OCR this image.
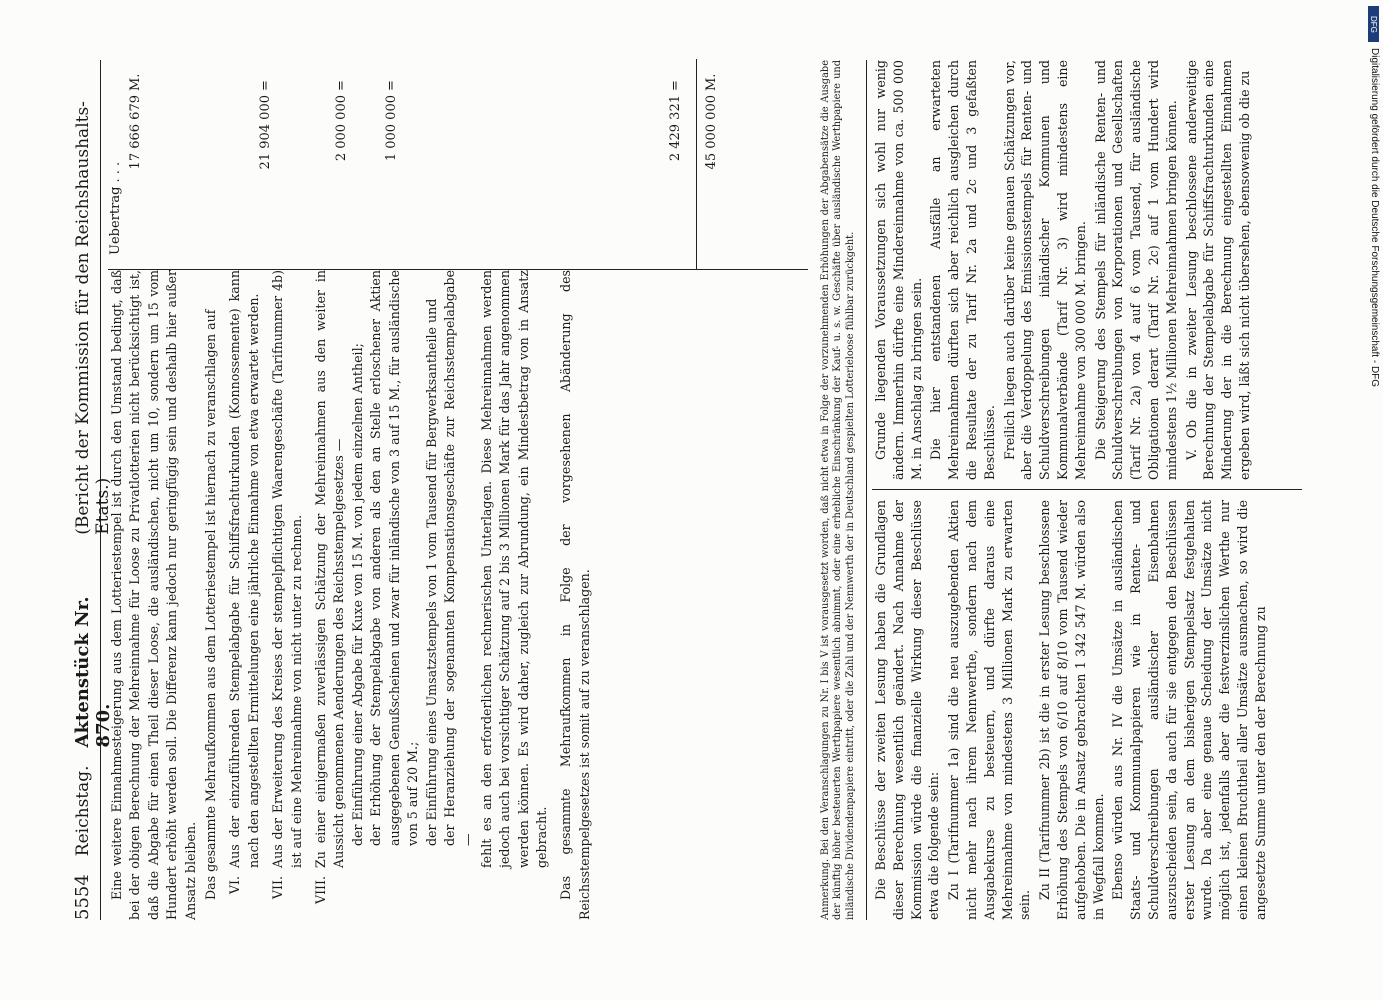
5554
Reichstag.
Aktenstück Nr. 870.
(Bericht der Kommission für den Reichshaushalts-Etats.)

Eine weitere Einnahmesteigerung aus dem Lotteriestempel ist durch den Umstand bedingt, daß bei der obigen Berechnung der Mehreinnahme für Loose zu Privatlotterien nicht berücksichtigt ist, daß die Abgabe für einen Theil dieser Loose, die ausländischen, nicht um 10, sondern um 15 vom Hundert erhöht werden soll. Die Differenz kann jedoch nur geringfügig sein und deshalb hier außer Ansatz bleiben. Das gesammte Mehraufkommen aus dem Lotteriestempel ist hiernach zu veranschlagen auf VI.
Aus der einzuführenden Stempelabgabe für Schiffsfrachturkunden (Konnossemente) kann nach den angestellten Ermittelungen eine jährliche Einnahme von etwa erwartet werden.
VII.
Aus der Erweiterung des Kreises der stempelpflichtigen Waarengeschäfte (Tarifnummer 4b) ist auf eine Mehreinnahme von nicht unter zu rechnen.
VIII.
Zu einer einigermaßen zuverlässigen Schätzung der Mehreinnahmen aus den weiter in Aussicht genommenen Aenderungen des Reichsstempelgesetzes — der Einführung einer Abgabe für Kuxe von 15 M. von jedem einzelnen Antheil; der Erhöhung der Stempelabgabe von anderen als den an Stelle erloschener Aktien ausgegebenen Genußscheinen und zwar für inländische von 3 auf 15 M., für ausländische von 5 auf 20 M.; der Einführung eines Umsatzstempels von 1 vom Tausend für Bergwerksantheile und der Heranziehung der sogenannten Kompensationsgeschäfte zur Reichsstempelabgabe — fehlt es an den erforderlichen rechnerischen Unterlagen. Diese Mehreinnahmen werden jedoch auch bei vorsichtiger Schätzung auf 2 bis 3 Millionen Mark für das Jahr angenommen werden können. Es wird daher, zugleich zur Abrundung, ein Mindestbetrag von in Ansatz gebracht. Das gesammte Mehraufkommen in Folge der vorgesehenen Abänderung des Reichsstempelgesetzes ist somit auf zu veranschlagen.

Uebertrag . . .
17 666 679M.
21 904 000=
2 000 000=
1 000 000=
2 429 321=
45 000 000M.	Anmerkung. Bei den Veranschlagungen zu Nr. I bis V ist vorausgesetzt worden, daß nicht etwa in Folge der vorzunehmenden Erhöhungen der Abgabensätze die Ausgabe der künftig höher besteuerten Werthpapiere wesentlich abnimmt, oder eine erhebliche Einschränkung der Kauf- u. s. w. Geschäfte über ausländische Werthpapiere und inländische Dividendenpapiere eintritt, oder die Zahl und der Nennwerth der in Deutschland gespielten Lotterieloose fühlbar zurückgeht. Die Beschlüsse der zweiten Lesung haben die Grundlagen dieser Berechnung wesentlich geändert. Nach Annahme der Kommission würde die finanzielle Wirkung dieser Beschlüsse etwa die folgende sein: Zu I (Tarifnummer 1a) sind die neu auszugebenden Aktien nicht mehr nach ihrem Nennwerthe, sondern nach dem Ausgabekurse zu besteuern, und dürfte daraus eine Mehreinnahme von mindestens 3 Millionen Mark zu erwarten sein.

Zu II (Tarifnummer 2b) ist die in erster Lesung beschlossene Erhöhung des Stempels von 6/10 auf 8/10 vom Tausend wieder aufgehoben. Die in Ansatz gebrachten 1 342 547 M. würden also in Wegfall kommen. Ebenso würden aus Nr. IV die Umsätze in ausländischen Staats- und Kommunalpapieren wie in Renten- und Schuldverschreibungen ausländischer Eisenbahnen auszuscheiden sein, da auch für sie entgegen den Beschlüssen erster Lesung an dem bisherigen Stempelsatz festgehalten wurde. Da aber eine genaue Scheidung der Umsätze nicht möglich ist, jedenfalls aber die festverzinslichen Werthe nur einen kleinen Bruchtheil aller Umsätze ausmachen, so wird die angesetzte Summe unter den der Berechnung zu

Grunde liegenden Voraussetzungen sich wohl nur wenig ändern. Immerhin dürfte eine Mindereinnahme von ca. 500 000 M. in Anschlag zu bringen sein. Die hier entstandenen Ausfälle an erwarteten Mehreinnahmen dürften sich aber reichlich ausgleichen durch die Resultate der zu Tarif Nr. 2a und 2c und 3 gefaßten Beschlüsse. Freilich liegen auch darüber keine genauen Schätzungen vor, aber die Verdoppelung des Emissionsstempels für Renten- und Schuldverschreibungen inländischer Kommunen und Kommunalverbände (Tarif Nr. 3) wird mindestens eine Mehreinnahme von 300 000 M. bringen. Die Steigerung des Stempels für inländische Renten- und Schuldverschreibungen von Korporationen und Gesellschaften (Tarif Nr. 2a) von 4 auf 6 vom Tausend, für ausländische Obligationen derart (Tarif Nr. 2c) auf 1 vom Hundert wird mindestens 1½ Millionen Mehreinnahmen bringen können. V. Ob die in zweiter Lesung beschlossene anderweitige Berechnung der Stempelabgabe für Schiffsfrachturkunden eine Minderung der in die Berechnung eingestellten Einnahmen ergeben wird, läßt sich nicht übersehen, ebensowenig ob die zu	Digitalisierung gefördert durch die Deutsche Forschungsgemeinschaft - DFG
DFG
